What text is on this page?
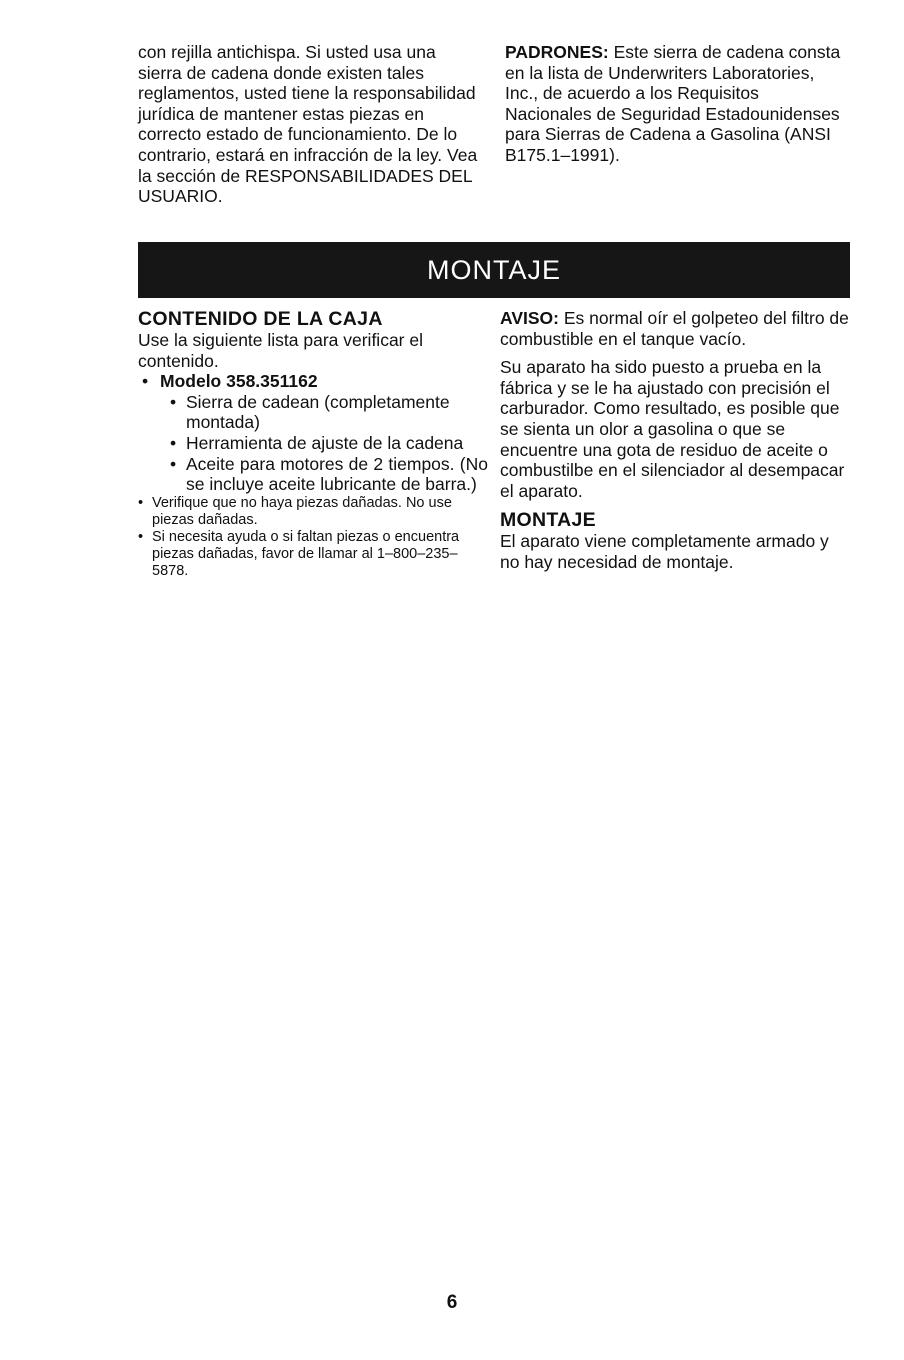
con rejilla antichispa. Si usted usa una sierra de cadena donde existen tales reglamentos, usted tiene la responsabilidad jurídica de mantener estas piezas en correcto estado de funcionamiento. De lo contrario, estará en infracción de la ley. Vea la sección de RESPONSABILIDADES DEL USUARIO.

PADRONES: Este sierra de cadena consta en la lista de Underwriters Laboratories, Inc., de acuerdo a los Requisitos Nacionales de Seguridad Estadounidenses para Sierras de Cadena a Gasolina (ANSI B175.1–1991).

MONTAJE

CONTENIDO DE LA CAJA

Use la siguiente lista para verificar el contenido.

• Modelo 358.351162

• Sierra de cadean (completamente montada)

• Herramienta de ajuste de la cadena

• Aceite para motores de 2 tiempos. (No se incluye aceite lubricante de barra.)

• Verifique que no haya piezas dañadas. No use piezas dañadas.

• Si necesita ayuda o si faltan piezas o encuentra piezas dañadas, favor de llamar al 1–800–235–5878.

AVISO: Es normal oír el golpeteo del filtro de combustible en el tanque vacío.

Su aparato ha sido puesto a prueba en la fábrica y se le ha ajustado con precisión el carburador. Como resultado, es posible que se sienta un olor a gasolina o que se encuentre una gota de residuo de aceite o combustilbe en el silenciador al desempacar el aparato.

MONTAJE

El aparato viene completamente armado y no hay necesidad de montaje.

6
